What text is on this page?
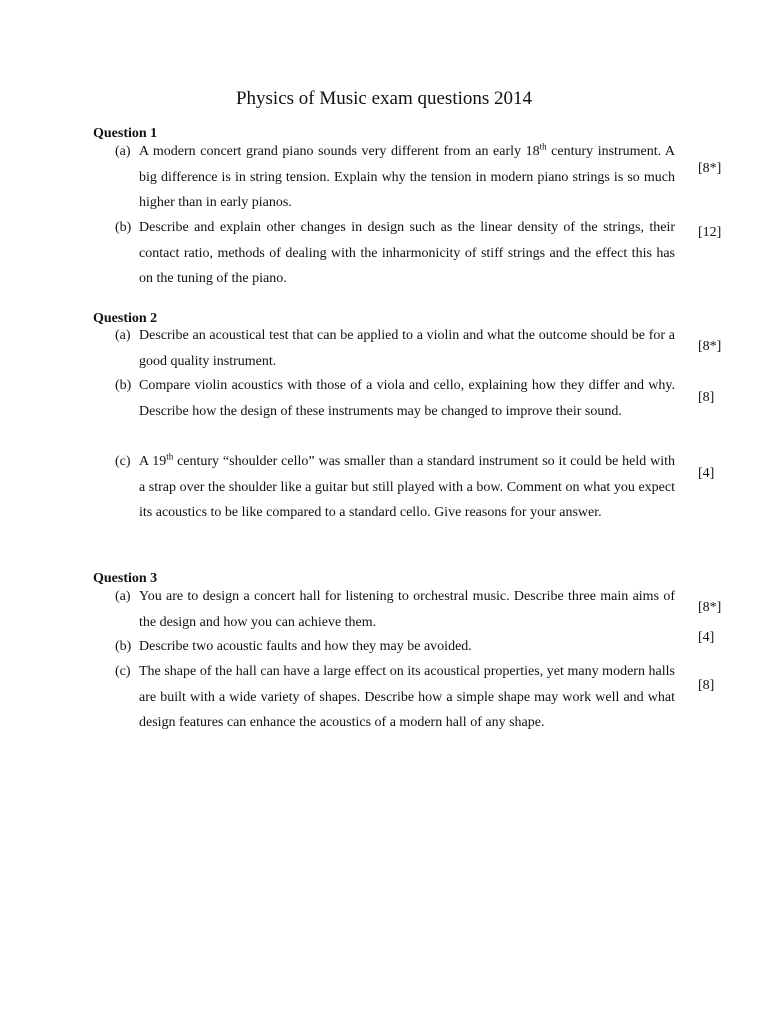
Physics of Music exam questions 2014
Question 1
(a) A modern concert grand piano sounds very different from an early 18th century instrument. A big difference is in string tension. Explain why the tension in modern piano strings is so much higher than in early pianos.
[8*]
(b) Describe and explain other changes in design such as the linear density of the strings, their contact ratio, methods of dealing with the inharmonicity of stiff strings and the effect this has on the tuning of the piano.
[12]
Question 2
(a) Describe an acoustical test that can be applied to a violin and what the outcome should be for a good quality instrument.
[8*]
(b) Compare violin acoustics with those of a viola and cello, explaining how they differ and why. Describe how the design of these instruments may be changed to improve their sound.
[8]
(c) A 19th century “shoulder cello” was smaller than a standard instrument so it could be held with a strap over the shoulder like a guitar but still played with a bow. Comment on what you expect its acoustics to be like compared to a standard cello. Give reasons for your answer.
[4]
Question 3
(a) You are to design a concert hall for listening to orchestral music. Describe three main aims of the design and how you can achieve them.
[8*]
(b) Describe two acoustic faults and how they may be avoided.
[4]
(c) The shape of the hall can have a large effect on its acoustical properties, yet many modern halls are built with a wide variety of shapes. Describe how a simple shape may work well and what design features can enhance the acoustics of a modern hall of any shape.
[8]
